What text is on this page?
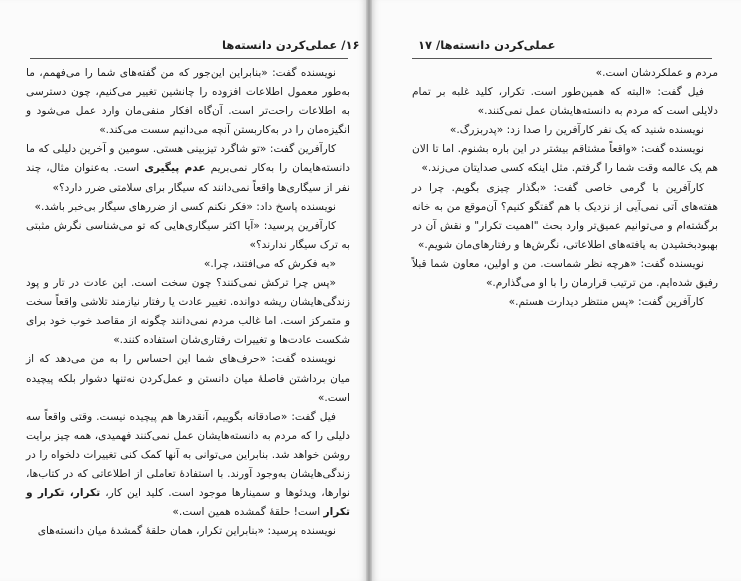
۱۶/ عملی‌کردن دانسته‌ها

نویسنده گفت: «بنابراین این‌جور که من گفته‌های شما را می‌فهمم، ما به‌طور معمول اطلاعات افزوده را چانشین تغییر می‌کنیم، چون دسترسی به اطلاعات راحت‌تر است. آن‌گاه افکار منفی‌مان وارد عمل می‌شود و انگیزه‌مان را در به‌کاربستن آنچه می‌دانیم سست می‌کند.»

کارآفرین گفت: «تو شاگرد تیزبینی هستی. سومین و آخرین دلیلی که ما دانسته‌هایمان را به‌کار نمی‌بریم عدم پیگیری است. به‌عنوان مثال، چند نفر از سیگاری‌ها واقعاً نمی‌دانند که سیگار برای سلامتی ضرر دارد؟»

نویسنده پاسخ داد: «فکر نکنم کسی از ضررهای سیگار بی‌خبر باشد.»

کارآفرین پرسید: «آیا اکثر سیگاری‌هایی که تو می‌شناسی نگرش مثبتی به ترک سیگار ندارند؟»

«به فکرش که می‌افتند، چرا.»

«پس چرا ترکش نمی‌کنند؟ چون سخت است. این عادت در تار و پود زندگی‌هایشان ریشه دوانده. تغییر عادت یا رفتار نیازمند تلاشی واقعاً سخت و متمرکز است. اما غالب مردم نمی‌دانند چگونه از مقاصد خوب خود برای شکست عادت‌ها و تغییرات رفتاری‌شان استفاده کنند.»

نویسنده گفت: «حرف‌های شما این احساس را به من می‌دهد که از میان برداشتن فاصلهٔ میان دانستن و عمل‌کردن نه‌تنها دشوار بلکه پیچیده است.»

فیل گفت: «صادقانه بگوییم، آنقدرها هم پیچیده نیست. وقتی واقعاً سه دلیلی را که مردم به دانسته‌هایشان عمل نمی‌کنند فهمیدی، همه چیز برایت روشن خواهد شد. بنابراین می‌توانی به آنها کمک کنی تغییرات دلخواه را در زندگی‌هایشان به‌وجود آورند. با استفادهٔ تعاملی از اطلاعاتی که در کتاب‌ها، نوارها، ویدئوها و سمینارها موجود است. کلید این کار، تکرار، تکرار و تکرار است! حلقهٔ گمشده همین است.»

نویسنده پرسید: «بنابراین تکرار، همان حلقهٔ گمشدهٔ میان دانسته‌های

عملی‌کردن دانسته‌ها/ ۱۷

مردم و عملکردشان است.»

فیل گفت: «البته که همین‌طور است. تکرار، کلید غلبه بر تمام دلایلی است که مردم به دانسته‌هایشان عمل نمی‌کنند.»

نویسنده شنید که یک نفر کارآفرین را صدا زد: «پدربزرگ.»

نویسنده گفت: «واقعاً مشتاقم بیشتر در این باره بشنوم. اما تا الان هم یک عالمه وقت شما را گرفتم. مثل اینکه کسی صدایتان می‌زند.»

کارآفرین با گرمی خاصی گفت: «بگذار چیزی بگویم. چرا در هفته‌های آتی نمی‌آیی از نزدیک با هم گفتگو کنیم؟ آن‌موقع من به خانه برگشته‌ام و می‌توانیم عمیق‌تر وارد بحث "اهمیت تکرار" و نقش آن در بهبودبخشیدن به یافته‌های اطلاعاتی، نگرش‌ها و رفتارهای‌مان شویم.»

نویسنده گفت: «هرچه نظر شماست. من و اولین، معاون شما قبلاً رفیق شده‌ایم. من ترتیب قرارمان را با او می‌گذارم.»

کارآفرین گفت: «پس منتظر دیدارت هستم.»
